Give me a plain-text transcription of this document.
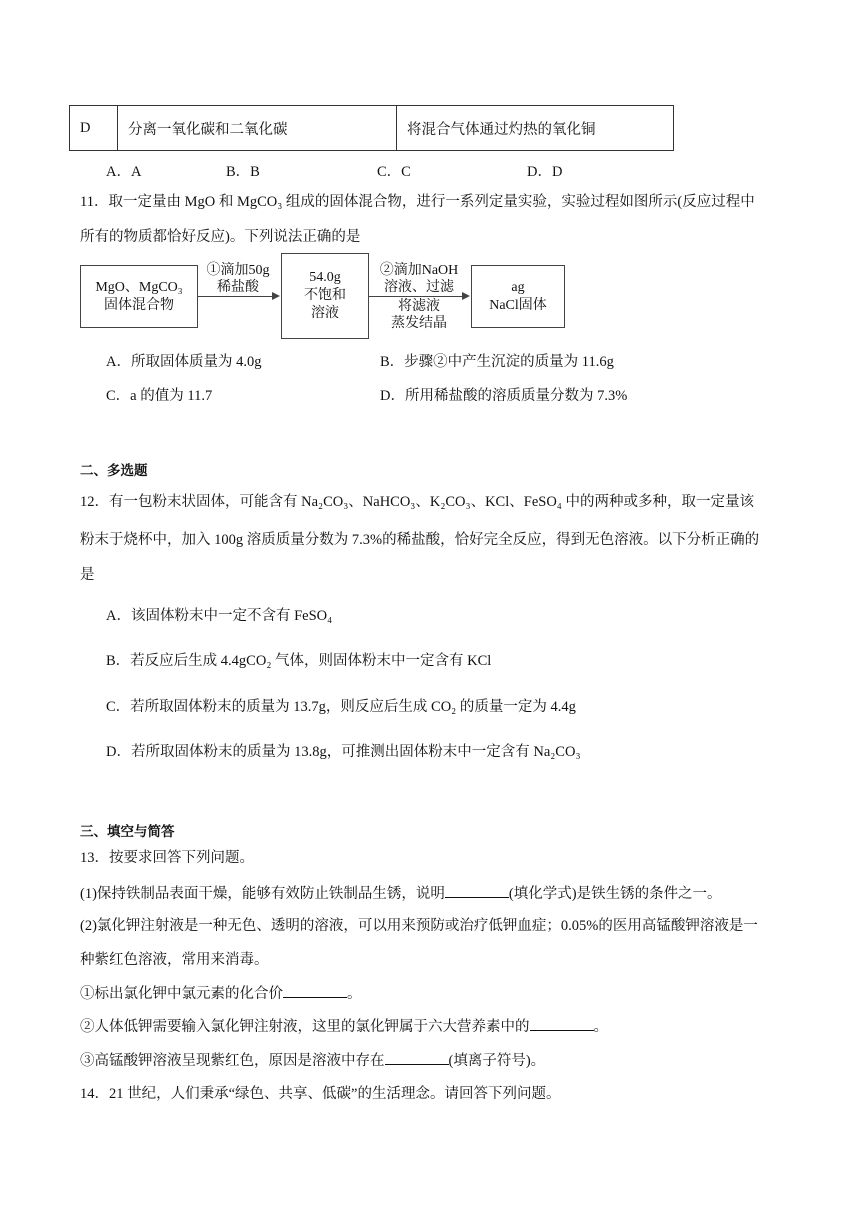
D	分离一氧化碳和二氧化碳	将混合气体通过灼热的氧化铜
A．A	B．B	C．C	D．D
11．取一定量由 MgO 和 MgCO₃ 组成的固体混合物，进行一系列定量实验，实验过程如图所示(反应过程中
所有的物质都恰好反应)。下列说法正确的是
MgO、MgCO₃
固体混合物
①滴加50g
稀盐酸
54.0g
不饱和
溶液
②滴加NaOH
溶液、过滤
将滤液
蒸发结晶
ag
NaCl固体
A．所取固体质量为 4.0g	B．步骤②中产生沉淀的质量为 11.6g
C．a 的值为 11.7	D．所用稀盐酸的溶质质量分数为 7.3%
二、多选题
12．有一包粉末状固体，可能含有 Na₂CO₃、NaHCO₃、K₂CO₃、KCl、FeSO₄ 中的两种或多种，取一定量该
粉末于烧杯中，加入 100g 溶质质量分数为 7.3%的稀盐酸，恰好完全反应，得到无色溶液。以下分析正确的
是
A．该固体粉末中一定不含有 FeSO₄
B．若反应后生成 4.4gCO₂ 气体，则固体粉末中一定含有 KCl
C．若所取固体粉末的质量为 13.7g，则反应后生成 CO₂ 的质量一定为 4.4g
D．若所取固体粉末的质量为 13.8g，可推测出固体粉末中一定含有 Na₂CO₃
三、填空与简答
13．按要求回答下列问题。
(1)保持铁制品表面干燥，能够有效防止铁制品生锈，说明	(填化学式)是铁生锈的条件之一。
(2)氯化钾注射液是一种无色、透明的溶液，可以用来预防或治疗低钾血症；0.05%的医用高锰酸钾溶液是一
种紫红色溶液，常用来消毒。
①标出氯化钾中氯元素的化合价	。
②人体低钾需要输入氯化钾注射液，这里的氯化钾属于六大营养素中的	。
③高锰酸钾溶液呈现紫红色，原因是溶液中存在	(填离子符号)。
14．21 世纪，人们秉承“绿色、共享、低碳”的生活理念。请回答下列问题。
